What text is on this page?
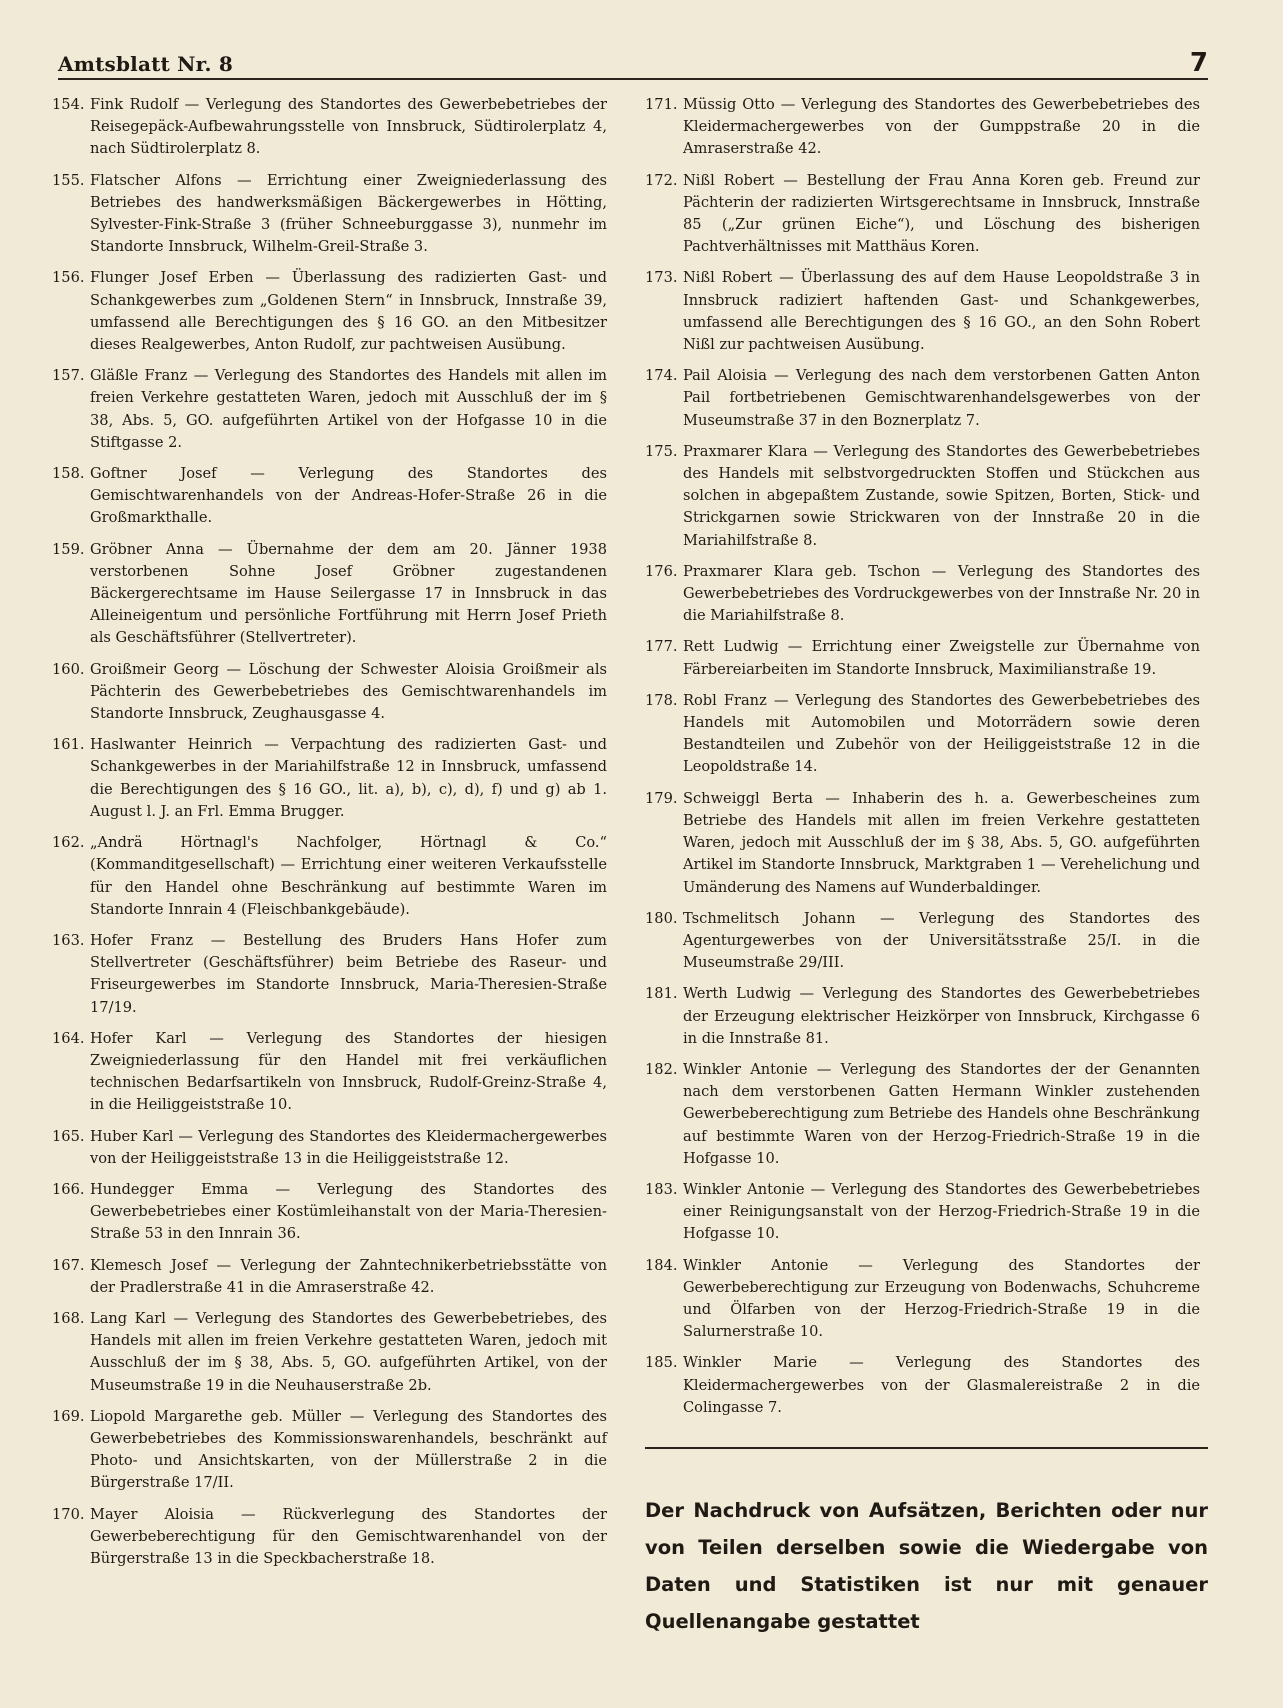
Amtsblatt Nr. 8	7
154. Fink Rudolf — Verlegung des Standortes des Gewerbebetriebes der Reisegepäck-Aufbewahrungsstelle von Innsbruck, Südtirolerplatz 4, nach Südtirolerplatz 8.
155. Flatscher Alfons — Errichtung einer Zweigniederlassung des Betriebes des handwerksmäßigen Bäckergewerbes in Hötting, Sylvester-Fink-Straße 3 (früher Schneeburggasse 3), nunmehr im Standorte Innsbruck, Wilhelm-Greil-Straße 3.
156. Flunger Josef Erben — Überlassung des radizierten Gast- und Schankgewerbes zum „Goldenen Stern“ in Innsbruck, Innstraße 39, umfassend alle Berechtigungen des § 16 GO. an den Mitbesitzer dieses Realgewerbes, Anton Rudolf, zur pachtweisen Ausübung.
157. Gläßle Franz — Verlegung des Standortes des Handels mit allen im freien Verkehre gestatteten Waren, jedoch mit Ausschluß der im § 38, Abs. 5, GO. aufgeführten Artikel von der Hofgasse 10 in die Stiftgasse 2.
158. Goftner Josef — Verlegung des Standortes des Gemischtwarenhandels von der Andreas-Hofer-Straße 26 in die Großmarkthalle.
159. Gröbner Anna — Übernahme der dem am 20. Jänner 1938 verstorbenen Sohne Josef Gröbner zugestandenen Bäckergerechtsame im Hause Seilergasse 17 in Innsbruck in das Alleineigentum und persönliche Fortführung mit Herrn Josef Prieth als Geschäftsführer (Stellvertreter).
160. Groißmeir Georg — Löschung der Schwester Aloisia Groißmeir als Pächterin des Gewerbebetriebes des Gemischtwarenhandels im Standorte Innsbruck, Zeughausgasse 4.
161. Haslwanter Heinrich — Verpachtung des radizierten Gast- und Schankgewerbes in der Mariahilfstraße 12 in Innsbruck, umfassend die Berechtigungen des § 16 GO., lit. a), b), c), d), f) und g) ab 1. August l. J. an Frl. Emma Brugger.
162. „Andrä Hörtnagl's Nachfolger, Hörtnagl & Co.“ (Kommanditgesellschaft) — Errichtung einer weiteren Verkaufsstelle für den Handel ohne Beschränkung auf bestimmte Waren im Standorte Innrain 4 (Fleischbankgebäude).
163. Hofer Franz — Bestellung des Bruders Hans Hofer zum Stellvertreter (Geschäftsführer) beim Betriebe des Raseur- und Friseurgewerbes im Standorte Innsbruck, Maria-Theresien-Straße 17/19.
164. Hofer Karl — Verlegung des Standortes der hiesigen Zweigniederlassung für den Handel mit frei verkäuflichen technischen Bedarfsartikeln von Innsbruck, Rudolf-Greinz-Straße 4, in die Heiliggeiststraße 10.
165. Huber Karl — Verlegung des Standortes des Kleidermachergewerbes von der Heiliggeiststraße 13 in die Heiliggeiststraße 12.
166. Hundegger Emma — Verlegung des Standortes des Gewerbebetriebes einer Kostümleihanstalt von der Maria-Theresien-Straße 53 in den Innrain 36.
167. Klemesch Josef — Verlegung der Zahntechnikerbetriebsstätte von der Pradlerstraße 41 in die Amraserstraße 42.
168. Lang Karl — Verlegung des Standortes des Gewerbebetriebes, des Handels mit allen im freien Verkehre gestatteten Waren, jedoch mit Ausschluß der im § 38, Abs. 5, GO. aufgeführten Artikel, von der Museumstraße 19 in die Neuhauserstraße 2b.
169. Liopold Margarethe geb. Müller — Verlegung des Standortes des Gewerbebetriebes des Kommissionswarenhandels, beschränkt auf Photo- und Ansichtskarten, von der Müllerstraße 2 in die Bürgerstraße 17/II.
170. Mayer Aloisia — Rückverlegung des Standortes der Gewerbeberechtigung für den Gemischtwarenhandel von der Bürgerstraße 13 in die Speckbacherstraße 18.
171. Müssig Otto — Verlegung des Standortes des Gewerbebetriebes des Kleidermachergewerbes von der Gumppstraße 20 in die Amraserstraße 42.
172. Nißl Robert — Bestellung der Frau Anna Koren geb. Freund zur Pächterin der radizierten Wirtsgerechtsame in Innsbruck, Innstraße 85 („Zur grünen Eiche“), und Löschung des bisherigen Pachtverhältnisses mit Matthäus Koren.
173. Nißl Robert — Überlassung des auf dem Hause Leopoldstraße 3 in Innsbruck radiziert haftenden Gast- und Schankgewerbes, umfassend alle Berechtigungen des § 16 GO., an den Sohn Robert Nißl zur pachtweisen Ausübung.
174. Pail Aloisia — Verlegung des nach dem verstorbenen Gatten Anton Pail fortbetriebenen Gemischtwarenhandelsgewerbes von der Museumstraße 37 in den Boznerplatz 7.
175. Praxmarer Klara — Verlegung des Standortes des Gewerbebetriebes des Handels mit selbstvorgedruckten Stoffen und Stückchen aus solchen in abgepaßtem Zustande, sowie Spitzen, Borten, Stick- und Strickgarnen sowie Strickwaren von der Innstraße 20 in die Mariahilfstraße 8.
176. Praxmarer Klara geb. Tschon — Verlegung des Standortes des Gewerbebetriebes des Vordruckgewerbes von der Innstraße Nr. 20 in die Mariahilfstraße 8.
177. Rett Ludwig — Errichtung einer Zweigstelle zur Übernahme von Färbereiarbeiten im Standorte Innsbruck, Maximilianstraße 19.
178. Robl Franz — Verlegung des Standortes des Gewerbebetriebes des Handels mit Automobilen und Motorrädern sowie deren Bestandteilen und Zubehör von der Heiliggeiststraße 12 in die Leopoldstraße 14.
179. Schweiggl Berta — Inhaberin des h. a. Gewerbescheines zum Betriebe des Handels mit allen im freien Verkehre gestatteten Waren, jedoch mit Ausschluß der im § 38, Abs. 5, GO. aufgeführten Artikel im Standorte Innsbruck, Marktgraben 1 — Verehelichung und Umänderung des Namens auf Wunderbaldinger.
180. Tschmelitsch Johann — Verlegung des Standortes des Agenturgewerbes von der Universitätsstraße 25/I. in die Museumstraße 29/III.
181. Werth Ludwig — Verlegung des Standortes des Gewerbebetriebes der Erzeugung elektrischer Heizkörper von Innsbruck, Kirchgasse 6 in die Innstraße 81.
182. Winkler Antonie — Verlegung des Standortes der der Genannten nach dem verstorbenen Gatten Hermann Winkler zustehenden Gewerbeberechtigung zum Betriebe des Handels ohne Beschränkung auf bestimmte Waren von der Herzog-Friedrich-Straße 19 in die Hofgasse 10.
183. Winkler Antonie — Verlegung des Standortes des Gewerbebetriebes einer Reinigungsanstalt von der Herzog-Friedrich-Straße 19 in die Hofgasse 10.
184. Winkler Antonie — Verlegung des Standortes der Gewerbeberechtigung zur Erzeugung von Bodenwachs, Schuhcreme und Ölfarben von der Herzog-Friedrich-Straße 19 in die Salurnerstraße 10.
185. Winkler Marie — Verlegung des Standortes des Kleidermachergewerbes von der Glasmalereistraße 2 in die Colingasse 7.
Der Nachdruck von Aufsätzen, Berichten oder nur von Teilen derselben sowie die Wiedergabe von Daten und Statistiken ist nur mit genauer Quellenangabe gestattet
